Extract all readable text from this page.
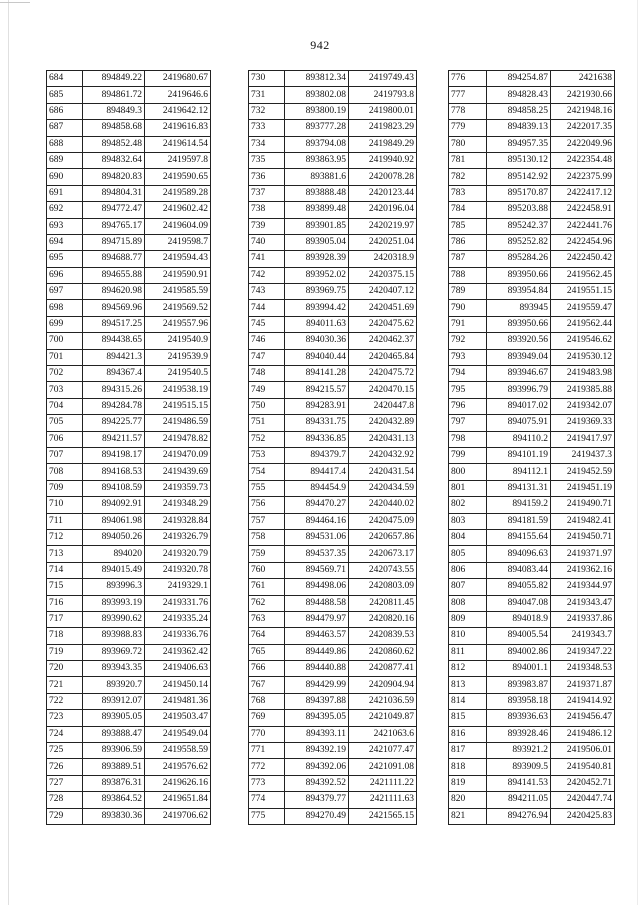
942
684	894849.22	2419680.67
685	894861.72	2419646.6
686	894849.3	2419642.12
687	894858.68	2419616.83
688	894852.48	2419614.54
689	894832.64	2419597.8
690	894820.83	2419590.65
691	894804.31	2419589.28
692	894772.47	2419602.42
693	894765.17	2419604.09
694	894715.89	2419598.7
695	894688.77	2419594.43
696	894655.88	2419590.91
697	894620.98	2419585.59
698	894569.96	2419569.52
699	894517.25	2419557.96
700	894438.65	2419540.9
701	894421.3	2419539.9
702	894367.4	2419540.5
703	894315.26	2419538.19
704	894284.78	2419515.15
705	894225.77	2419486.59
706	894211.57	2419478.82
707	894198.17	2419470.09
708	894168.53	2419439.69
709	894108.59	2419359.73
710	894092.91	2419348.29
711	894061.98	2419328.84
712	894050.26	2419326.79
713	894020	2419320.79
714	894015.49	2419320.78
715	893996.3	2419329.1
716	893993.19	2419331.76
717	893990.62	2419335.24
718	893988.83	2419336.76
719	893969.72	2419362.42
720	893943.35	2419406.63
721	893920.7	2419450.14
722	893912.07	2419481.36
723	893905.05	2419503.47
724	893888.47	2419549.04
725	893906.59	2419558.59
726	893889.51	2419576.62
727	893876.31	2419626.16
728	893864.52	2419651.84
729	893830.36	2419706.62
730	893812.34	2419749.43
731	893802.08	2419793.8
732	893800.19	2419800.01
733	893777.28	2419823.29
734	893794.08	2419849.29
735	893863.95	2419940.92
736	893881.6	2420078.28
737	893888.48	2420123.44
738	893899.48	2420196.04
739	893901.85	2420219.97
740	893905.04	2420251.04
741	893928.39	2420318.9
742	893952.02	2420375.15
743	893969.75	2420407.12
744	893994.42	2420451.69
745	894011.63	2420475.62
746	894030.36	2420462.37
747	894040.44	2420465.84
748	894141.28	2420475.72
749	894215.57	2420470.15
750	894283.91	2420447.8
751	894331.75	2420432.89
752	894336.85	2420431.13
753	894379.7	2420432.92
754	894417.4	2420431.54
755	894454.9	2420434.59
756	894470.27	2420440.02
757	894464.16	2420475.09
758	894531.06	2420657.86
759	894537.35	2420673.17
760	894569.71	2420743.55
761	894498.06	2420803.09
762	894488.58	2420811.45
763	894479.97	2420820.16
764	894463.57	2420839.53
765	894449.86	2420860.62
766	894440.88	2420877.41
767	894429.99	2420904.94
768	894397.88	2421036.59
769	894395.05	2421049.87
770	894393.11	2421063.6
771	894392.19	2421077.47
772	894392.06	2421091.08
773	894392.52	2421111.22
774	894379.77	2421111.63
775	894270.49	2421565.15
776	894254.87	2421638
777	894828.43	2421930.66
778	894858.25	2421948.16
779	894839.13	2422017.35
780	894957.35	2422049.96
781	895130.12	2422354.48
782	895142.92	2422375.99
783	895170.87	2422417.12
784	895203.88	2422458.91
785	895242.37	2422441.76
786	895252.82	2422454.96
787	895284.26	2422450.42
788	893950.66	2419562.45
789	893954.84	2419551.15
790	893945	2419559.47
791	893950.66	2419562.44
792	893920.56	2419546.62
793	893949.04	2419530.12
794	893946.67	2419483.98
795	893996.79	2419385.88
796	894017.02	2419342.07
797	894075.91	2419369.33
798	894110.2	2419417.97
799	894101.19	2419437.3
800	894112.1	2419452.59
801	894131.31	2419451.19
802	894159.2	2419490.71
803	894181.59	2419482.41
804	894155.64	2419450.71
805	894096.63	2419371.97
806	894083.44	2419362.16
807	894055.82	2419344.97
808	894047.08	2419343.47
809	894018.9	2419337.86
810	894005.54	2419343.7
811	894002.86	2419347.22
812	894001.1	2419348.53
813	893983.87	2419371.87
814	893958.18	2419414.92
815	893936.63	2419456.47
816	893928.46	2419486.12
817	893921.2	2419506.01
818	893909.5	2419540.81
819	894141.53	2420452.71
820	894211.05	2420447.74
821	894276.94	2420425.83
